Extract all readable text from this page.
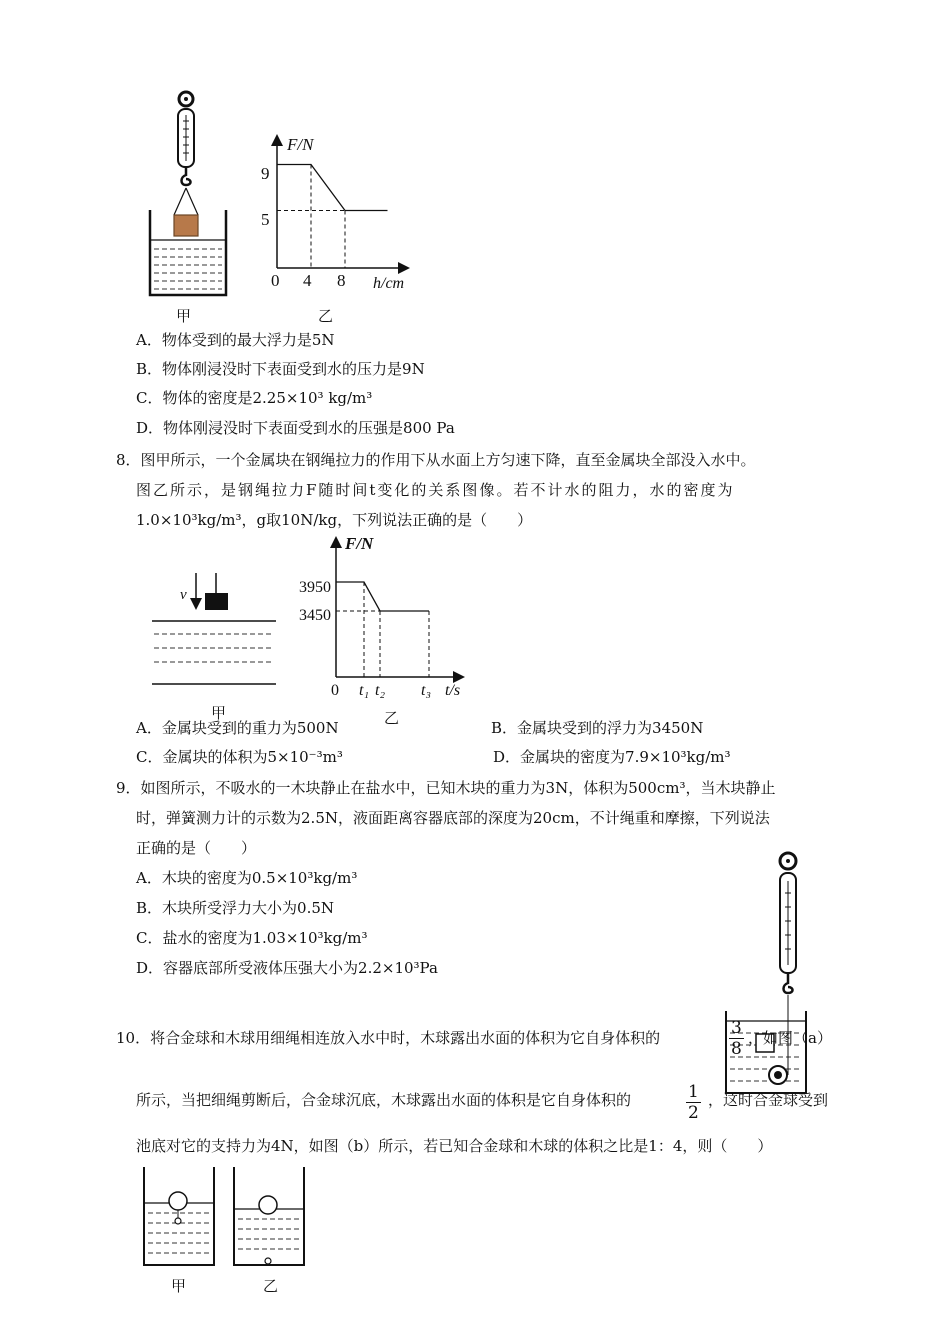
甲
F/N
h/cm
9
5
0 4 8
乙
A．物体受到的最大浮力是5N
B．物体刚浸没时下表面受到水的压力是9N
C．物体的密度是2.25×10³ kg/m³
D．物体刚浸没时下表面受到水的压强是800 Pa
8．图甲所示，一个金属块在钢绳拉力的作用下从水面上方匀速下降，直至金属块全部没入水中。
图乙所示，是钢绳拉力F随时间t变化的关系图像。若不计水的阻力，水的密度为
1.0×10³kg/m³，g取10N/kg，下列说法正确的是（　　）
v
甲
F/N
t/s
3950
3450
0 t₁ t₂ t₃
乙
A．金属块受到的重力为500N	B．金属块受到的浮力为3450N
C．金属块的体积为5×10⁻³m³	D．金属块的密度为7.9×10³kg/m³
9．如图所示，不吸水的一木块静止在盐水中，已知木块的重力为3N，体积为500cm³，当木块静止
时，弹簧测力计的示数为2.5N，液面距离容器底部的深度为20cm，不计绳重和摩擦，下列说法
正确的是（　　）
A．木块的密度为0.5×10³kg/m³
B．木块所受浮力大小为0.5N
C．盐水的密度为1.03×10³kg/m³
D．容器底部所受液体压强大小为2.2×10³Pa
10．将合金球和木球用细绳相连放入水中时，木球露出水面的体积为它自身体积的	$\frac{3}{8}$ ，如图（a）
所示，当把细绳剪断后，合金球沉底，木球露出水面的体积是它自身体积的	$\frac{1}{2}$ ，这时合金球受到
池底对它的支持力为4N，如图（b）所示，若已知合金球和木球的体积之比是1：4，则（　　）
甲	乙
